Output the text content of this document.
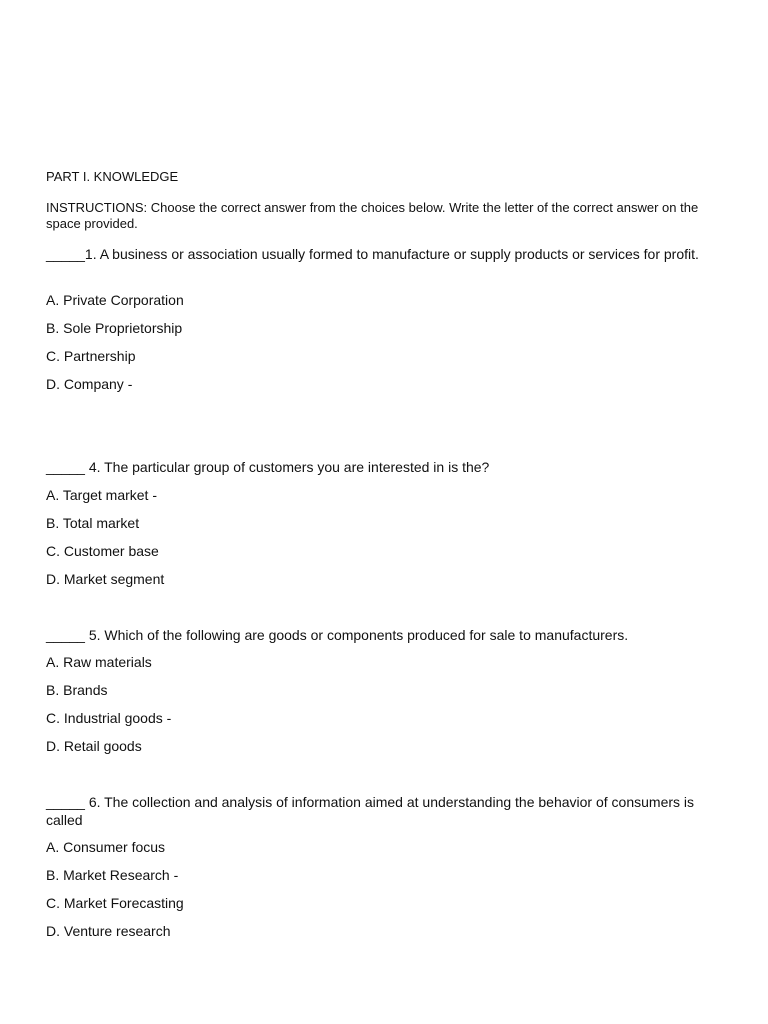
PART I. KNOWLEDGE
INSTRUCTIONS: Choose the correct answer from the choices below. Write the letter of the correct answer on the space provided.
_____1. A business or association usually formed to manufacture or supply products or services for profit.
A. Private Corporation
B. Sole Proprietorship
C. Partnership
D. Company -
_____ 4. The particular group of customers you are interested in is the?
A. Target market -
B. Total market
C. Customer base
D. Market segment
_____ 5. Which of the following are goods or components produced for sale to manufacturers.
A. Raw materials
B. Brands
C. Industrial goods -
D. Retail goods
_____ 6. The collection and analysis of information aimed at understanding the behavior of consumers is called
A. Consumer focus
B. Market Research -
C. Market Forecasting
D. Venture research
